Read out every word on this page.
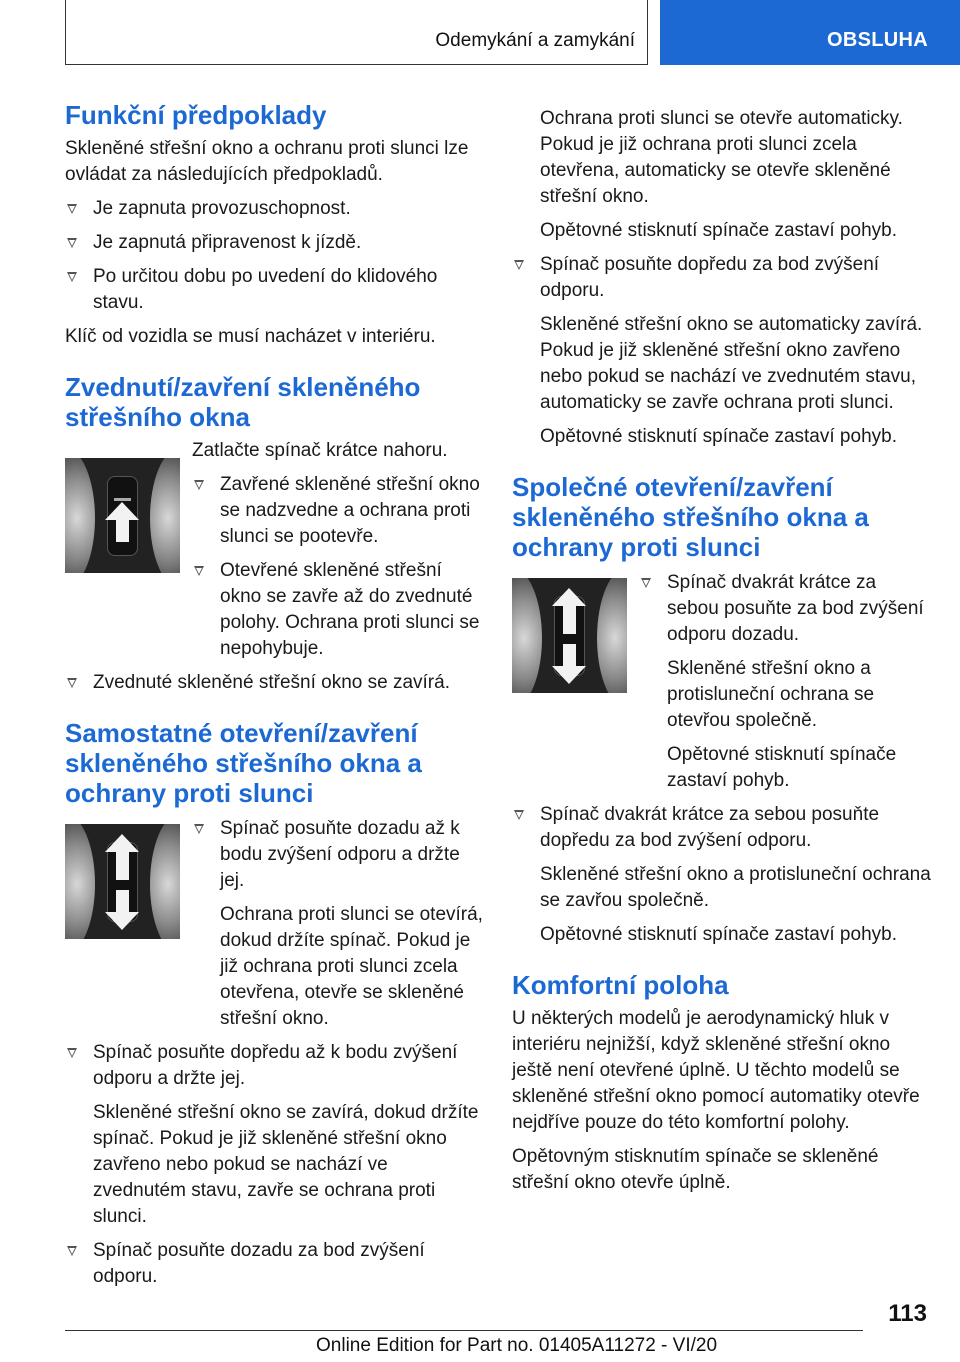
Odemykání a zamykání	OBSLUHA
Funkční předpoklady

Skleněné střešní okno a ochranu proti slunci lze ovládat za následujících předpokladů.

Je zapnuta provozuschopnost.
Je zapnutá připravenost k jízdě.
Po určitou dobu po uvedení do klidového stavu.

Klíč od vozidla se musí nacházet v interiéru.

Zvednutí/zavření skleněného střešního okna

Zatlačte spínač krátce nahoru.

Zavřené skleněné střešní okno se nadzvedne a ochrana proti slunci se pootevře.
Otevřené skleněné střešní okno se zavře až do zvednuté polohy. Ochrana proti slunci se nepohybuje.
Zvednuté skleněné střešní okno se zavírá.
Samostatné otevření/zavření skleněného střešního okna a ochrany proti slunci

Spínač posuňte dozadu až k bodu zvýšení odporu a držte jej.

Ochrana proti slunci se otevírá, dokud držíte spínač. Pokud je již ochrana proti slunci zcela otevřena, otevře se skleněné střešní okno.

Spínač posuňte dopředu až k bodu zvýšení odporu a držte jej.

Skleněné střešní okno se zavírá, dokud držíte spínač. Pokud je již skleněné střešní okno zavřeno nebo pokud se nachází ve zvednutém stavu, zavře se ochrana proti slunci.

Spínač posuňte dozadu za bod zvýšení odporu.

Ochrana proti slunci se otevře automaticky. Pokud je již ochrana proti slunci zcela otevřena, automaticky se otevře skleněné střešní okno.

Opětovné stisknutí spínače zastaví pohyb.

Spínač posuňte dopředu za bod zvýšení odporu.

Skleněné střešní okno se automaticky zavírá. Pokud je již skleněné střešní okno zavřeno nebo pokud se nachází ve zvednutém stavu, automaticky se zavře ochrana proti slunci.

Opětovné stisknutí spínače zastaví pohyb.

Společné otevření/zavření skleněného střešního okna a ochrany proti slunci

Spínač dvakrát krátce za sebou posuňte za bod zvýšení odporu dozadu.

Skleněné střešní okno a protisluneční ochrana se otevřou společně.

Opětovné stisknutí spínače zastaví pohyb.

Spínač dvakrát krátce za sebou posuňte dopředu za bod zvýšení odporu.

Skleněné střešní okno a protisluneční ochrana se zavřou společně.

Opětovné stisknutí spínače zastaví pohyb.

Komfortní poloha

U některých modelů je aerodynamický hluk v interiéru nejnižší, když skleněné střešní okno ještě není otevřené úplně. U těchto modelů se skleněné střešní okno pomocí automatiky otevře nejdříve pouze do této komfortní polohy.

Opětovným stisknutím spínače se skleněné střešní okno otevře úplně.

113
Online Edition for Part no. 01405A11272 - VI/20
